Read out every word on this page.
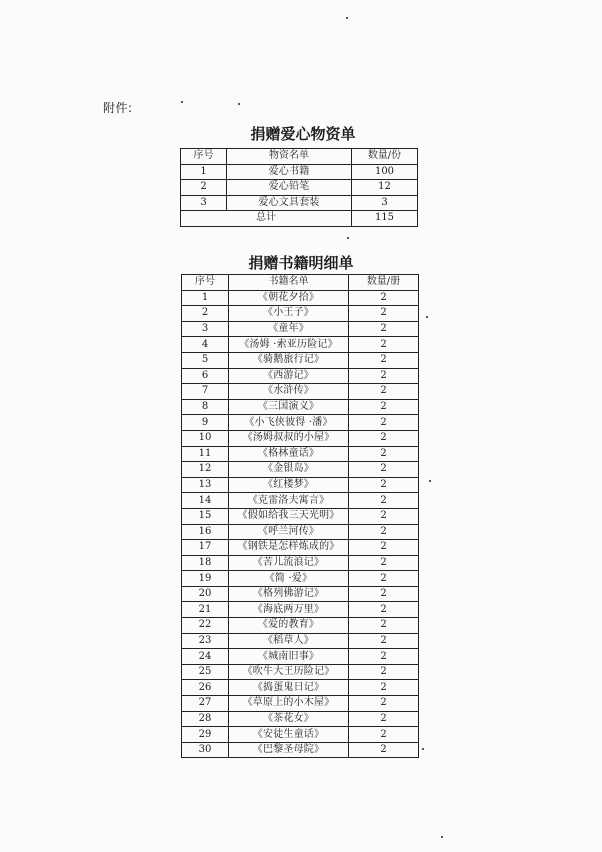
附件:
捐赠爱心物资单
序号	物资名单	数量/份
1	爱心书籍	100
2	爱心铅笔	12
3	爱心文具套装	3
总计		115
捐赠书籍明细单
序号	书籍名单	数量/册
1	《朝花夕拾》	2
2	《小王子》	2
3	《童年》	2
4	《汤姆 ·索亚历险记》	2
5	《骑鹅旅行记》	2
6	《西游记》	2
7	《水浒传》	2
8	《三国演义》	2
9	《小飞侠彼得 ·潘》	2
10	《汤姆叔叔的小屋》	2
11	《格林童话》	2
12	《金银岛》	2
13	《红楼梦》	2
14	《克雷洛夫寓言》	2
15	《假如给我三天光明》	2
16	《呼兰河传》	2
17	《钢铁是怎样炼成的》	2
18	《苦儿流浪记》	2
19	《简 ·爱》	2
20	《格列佛游记》	2
21	《海底两万里》	2
22	《爱的教育》	2
23	《稻草人》	2
24	《城南旧事》	2
25	《吹牛大王历险记》	2
26	《捣蛋鬼日记》	2
27	《草原上的小木屋》	2
28	《茶花女》	2
29	《安徒生童话》	2
30	《巴黎圣母院》	2
